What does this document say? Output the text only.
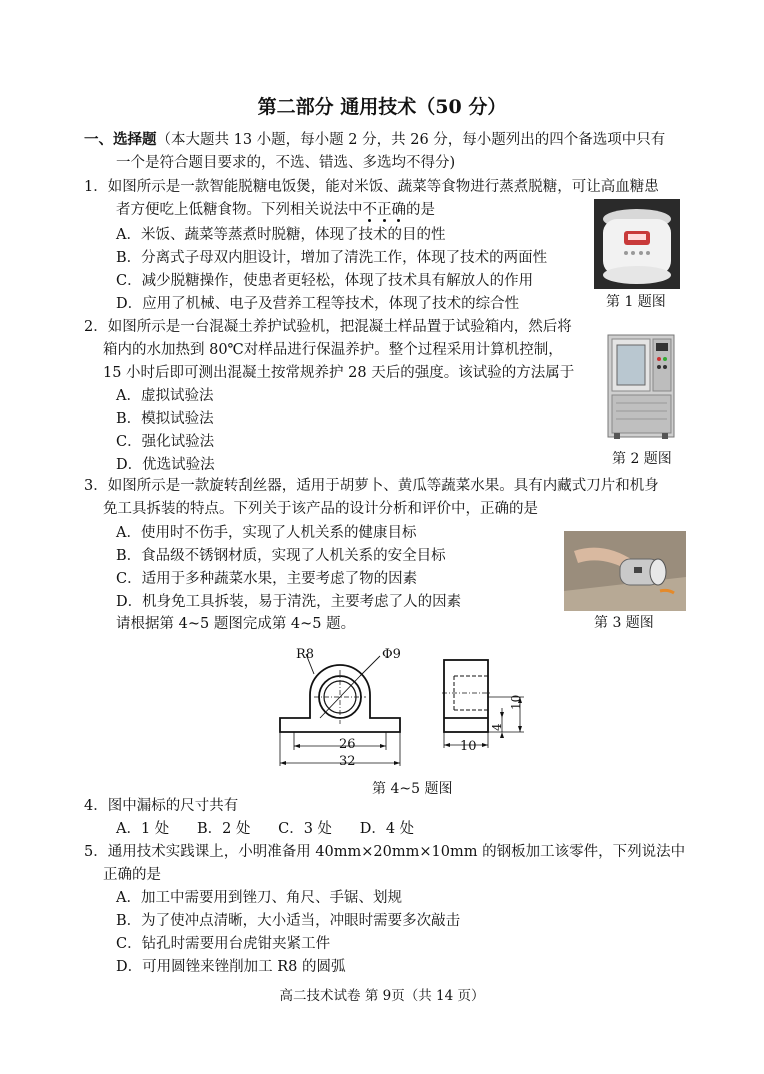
第二部分 通用技术（50 分）
一、选择题（本大题共 13 小题，每小题 2 分，共 26 分，每小题列出的四个备选项中只有
一个是符合题目要求的，不选、错选、多选均不得分)
1．如图所示是一款智能脱糖电饭煲，能对米饭、蔬菜等食物进行蒸煮脱糖，可让高血糖患
者方便吃上低糖食物。下列相关说法中不正确的是
A．米饭、蔬菜等蒸煮时脱糖，体现了技术的目的性
B．分离式子母双内胆设计，增加了清洗工作，体现了技术的两面性
C．减少脱糖操作，使患者更轻松，体现了技术具有解放人的作用
D．应用了机械、电子及营养工程等技术，体现了技术的综合性	第 1 题图
2．如图所示是一台混凝土养护试验机，把混凝土样品置于试验箱内，然后将
箱内的水加热到 80℃对样品进行保温养护。整个过程采用计算机控制，
15 小时后即可测出混凝土按常规养护 28 天后的强度。该试验的方法属于
A．虚拟试验法
B．模拟试验法
C．强化试验法
D．优选试验法	第 2 题图
3．如图所示是一款旋转刮丝器，适用于胡萝卜、黄瓜等蔬菜水果。具有内藏式刀片和机身
免工具拆装的特点。下列关于该产品的设计分析和评价中，正确的是
A．使用时不伤手，实现了人机关系的健康目标
B．食品级不锈钢材质，实现了人机关系的安全目标
C．适用于多种蔬菜水果，主要考虑了物的因素
D．机身免工具拆装，易于清洗，主要考虑了人的因素
请根据第 4~5 题图完成第 4~5 题。	第 3 题图
R8	Φ9
26
32
10
4
10
第 4~5 题图
4．图中漏标的尺寸共有
A．1 处      B．2 处      C．3 处      D．4 处
5．通用技术实践课上，小明准备用 40mm×20mm×10mm 的钢板加工该零件，下列说法中
正确的是
A．加工中需要用到锉刀、角尺、手锯、划规
B．为了使冲点清晰，大小适当，冲眼时需要多次敲击
C．钻孔时需要用台虎钳夹紧工件
D．可用圆锉来锉削加工 R8 的圆弧
高二技术试卷 第 9页（共 14 页）
